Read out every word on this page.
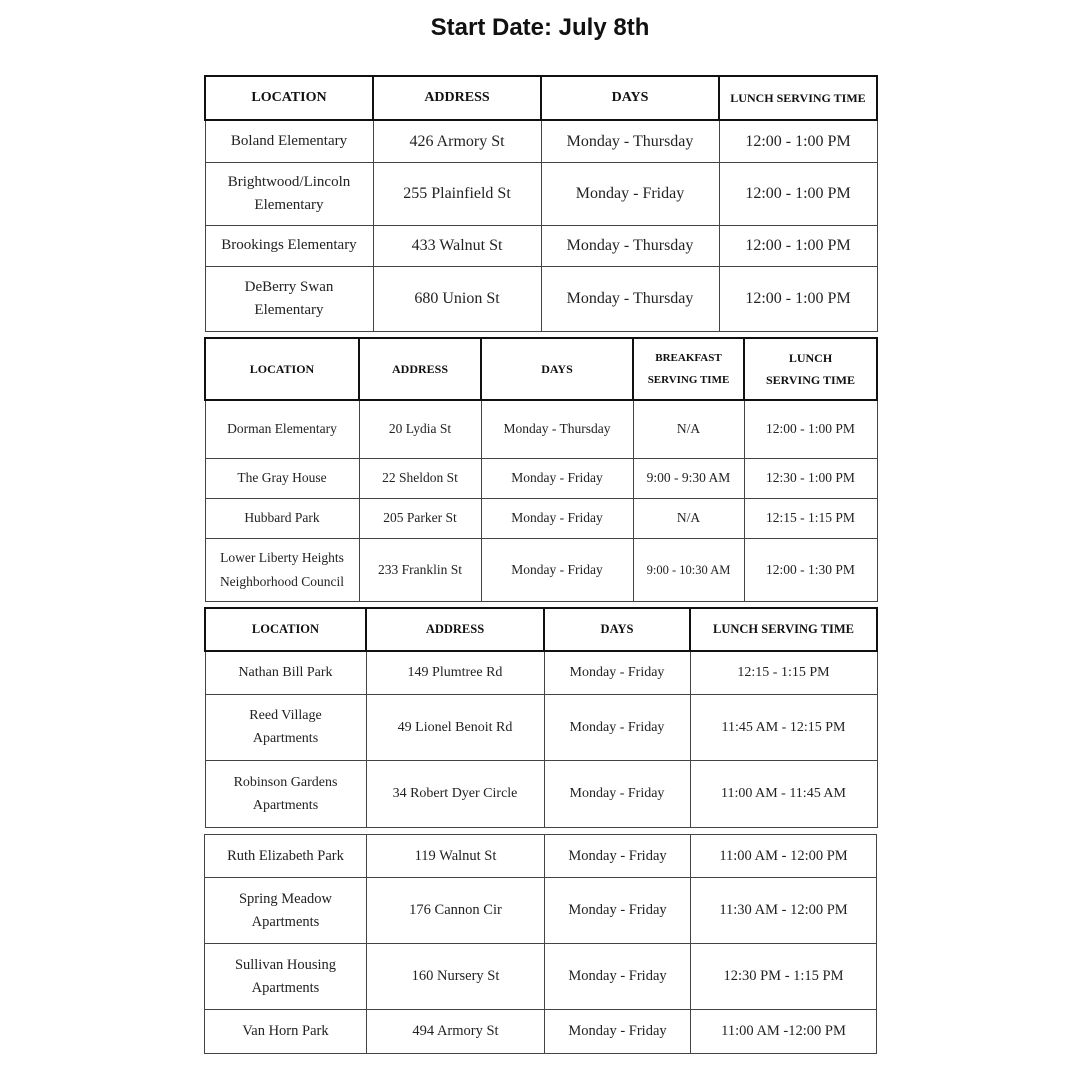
Start Date: July 8th
LOCATION	ADDRESS	DAYS	LUNCH SERVING TIME
Boland Elementary	426 Armory St	Monday - Thursday	12:00 - 1:00 PM
Brightwood/Lincoln Elementary	255 Plainfield St	Monday - Friday	12:00 - 1:00 PM
Brookings Elementary	433 Walnut St	Monday - Thursday	12:00 - 1:00 PM
DeBerry Swan Elementary	680 Union St	Monday - Thursday	12:00 - 1:00 PM
LOCATION	ADDRESS	DAYS	BREAKFAST SERVING TIME	LUNCH SERVING TIME
Dorman Elementary	20 Lydia St	Monday - Thursday	N/A	12:00 - 1:00 PM
The Gray House	22 Sheldon St	Monday - Friday	9:00 - 9:30 AM	12:30 - 1:00 PM
Hubbard Park	205 Parker St	Monday - Friday	N/A	12:15 - 1:15 PM
Lower Liberty Heights Neighborhood Council	233 Franklin St	Monday - Friday	9:00 - 10:30 AM	12:00 - 1:30 PM
LOCATION	ADDRESS	DAYS	LUNCH SERVING TIME
Nathan Bill Park	149 Plumtree Rd	Monday - Friday	12:15 - 1:15 PM
Reed Village Apartments	49 Lionel Benoit Rd	Monday - Friday	11:45 AM - 12:15 PM
Robinson Gardens Apartments	34 Robert Dyer Circle	Monday - Friday	11:00 AM - 11:45 AM
Ruth Elizabeth Park	119 Walnut St	Monday - Friday	11:00 AM - 12:00 PM
Spring Meadow Apartments	176 Cannon Cir	Monday - Friday	11:30 AM - 12:00 PM
Sullivan Housing Apartments	160 Nursery St	Monday - Friday	12:30 PM - 1:15 PM
Van Horn Park	494 Armory St	Monday - Friday	11:00 AM -12:00 PM
